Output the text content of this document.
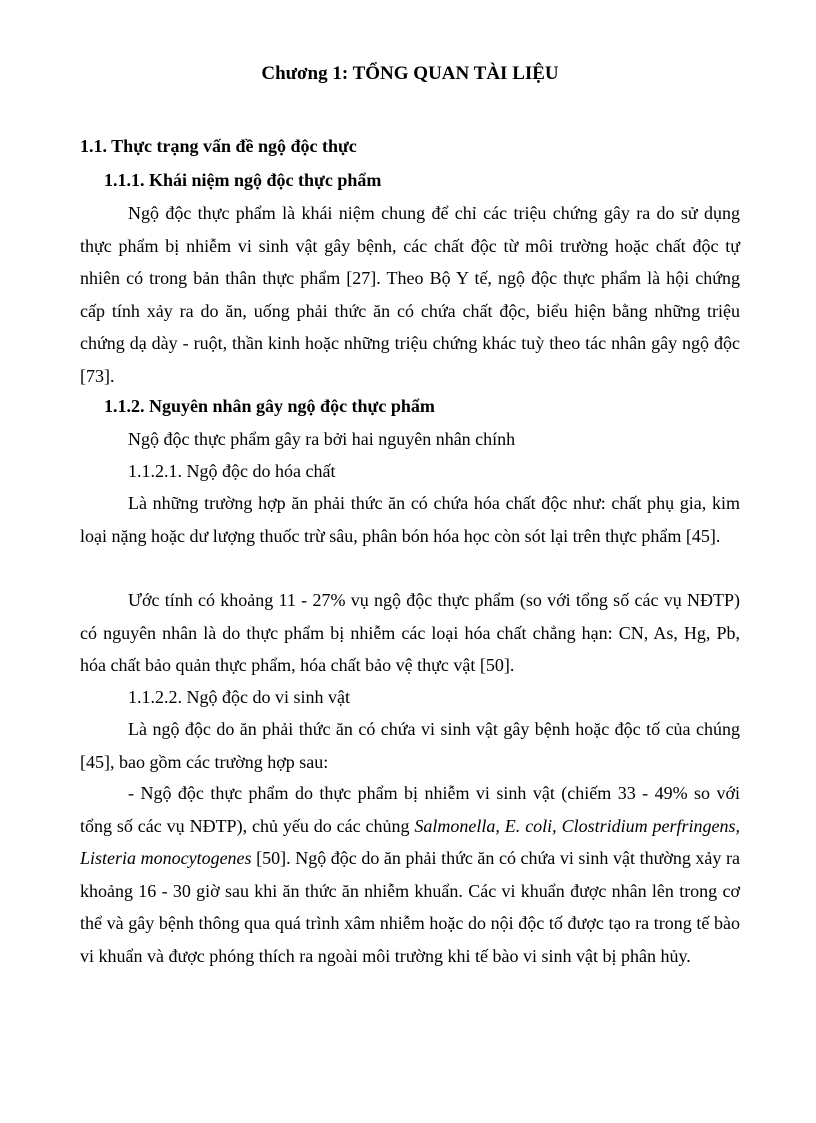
Chương 1: TỔNG QUAN TÀI LIỆU
1.1. Thực trạng vấn đề ngộ độc thực
1.1.1. Khái niệm ngộ độc thực phẩm
Ngộ độc thực phẩm là khái niệm chung để chỉ các triệu chứng gây ra do sử dụng thực phẩm bị nhiễm vi sinh vật gây bệnh, các chất độc từ môi trường hoặc chất độc tự nhiên có trong bản thân thực phẩm [27]. Theo Bộ Y tế, ngộ độc thực phẩm là hội chứng cấp tính xảy ra do ăn, uống phải thức ăn có chứa chất độc, biểu hiện bằng những triệu chứng dạ dày - ruột, thần kinh hoặc những triệu chứng khác tuỳ theo tác nhân gây ngộ độc [73].
1.1.2. Nguyên nhân gây ngộ độc thực phẩm
Ngộ độc thực phẩm gây ra bởi hai nguyên nhân chính
1.1.2.1. Ngộ độc do hóa chất
Là những trường hợp ăn phải thức ăn có chứa hóa chất độc như: chất phụ gia, kim loại nặng hoặc dư lượng thuốc trừ sâu, phân bón hóa học còn sót lại trên thực phẩm [45].
Ước tính có khoảng 11 - 27% vụ ngộ độc thực phẩm (so với tổng số các vụ NĐTP) có nguyên nhân là do thực phẩm bị nhiễm các loại hóa chất chẳng hạn: CN, As, Hg, Pb, hóa chất bảo quản thực phẩm, hóa chất bảo vệ thực vật [50].
1.1.2.2. Ngộ độc do vi sinh vật
Là ngộ độc do ăn phải thức ăn có chứa vi sinh vật gây bệnh hoặc độc tố của chúng [45], bao gồm các trường hợp sau:
- Ngộ độc thực phẩm do thực phẩm bị nhiễm vi sinh vật (chiếm 33 - 49% so với tổng số các vụ NĐTP), chủ yếu do các chủng Salmonella, E. coli, Clostridium perfringens, Listeria monocytogenes [50]. Ngộ độc do ăn phải thức ăn có chứa vi sinh vật thường xảy ra khoảng 16 - 30 giờ sau khi ăn thức ăn nhiễm khuẩn. Các vi khuẩn được nhân lên trong cơ thể và gây bệnh thông qua quá trình xâm nhiễm hoặc do nội độc tố được tạo ra trong tế bào vi khuẩn và được phóng thích ra ngoài môi trường khi tế bào vi sinh vật bị phân hủy.
